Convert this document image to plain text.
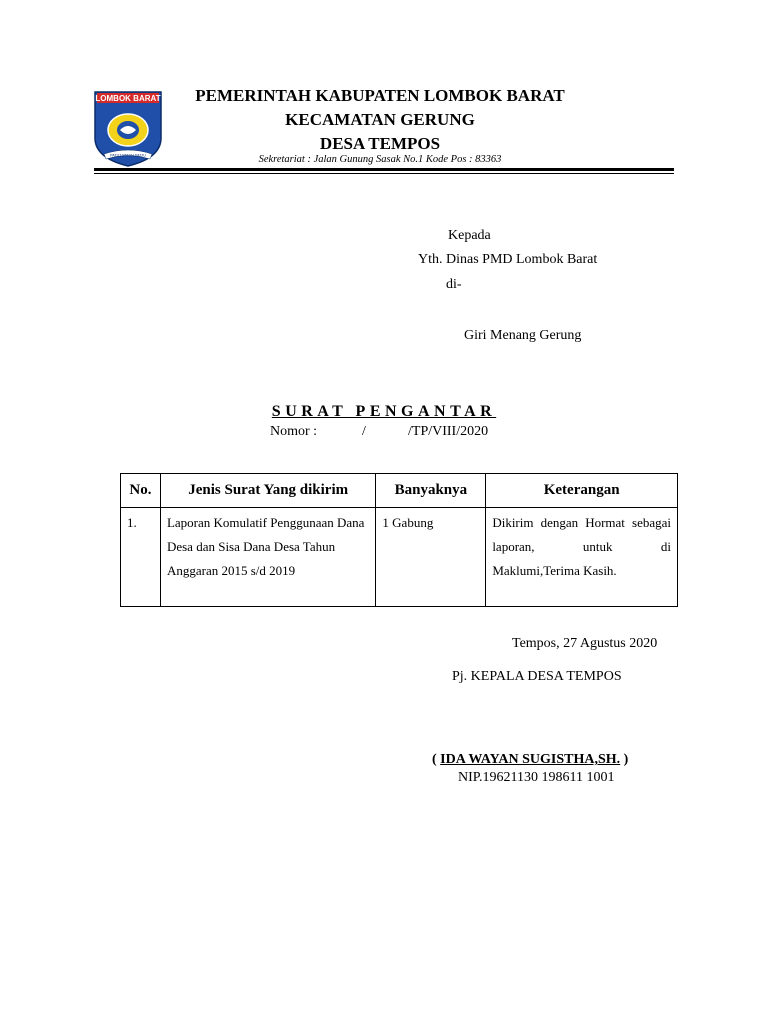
LOMBOK BARAT
PATUT PATUH PATJU
PEMERINTAH KABUPATEN LOMBOK BARAT
KECAMATAN GERUNG
DESA TEMPOS
Sekretariat : Jalan Gunung Sasak No.1 Kode Pos : 83363
Kepada
Yth. Dinas PMD Lombok Barat
di-
Giri Menang Gerung
SURAT PENGANTAR
Nomor :	/	/TP/VIII/2020
No.	Jenis Surat Yang dikirim	Banyaknya	Keterangan
1.	Laporan Komulatif Penggunaan Dana Desa dan Sisa Dana Desa Tahun Anggaran 2015 s/d 2019	1 Gabung	Dikirim dengan Hormat sebagai laporan, untuk di Maklumi,Terima Kasih.
Tempos, 27 Agustus 2020
Pj. KEPALA DESA TEMPOS
( IDA WAYAN SUGISTHA,SH. )
NIP.19621130 198611 1001
